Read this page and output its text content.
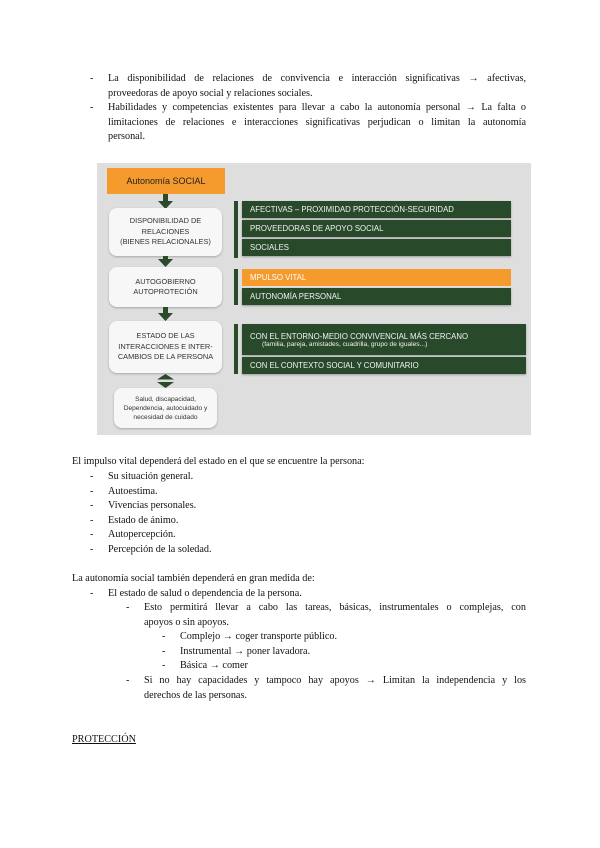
- La disponibilidad de relaciones de convivencia e interacción significativas → afectivas,
proveedoras de apoyo social y relaciones sociales.
- Habilidades y competencias existentes para llevar a cabo la autonomía personal → La falta o
limitaciones de relaciones e interacciones significativas perjudican o limitan la autonomía
personal.
Autonomía SOCIAL
DISPONIBILIDAD DE
RELACIONES
(BIENES RELACIONALES)
AUTOGOBIERNO
AUTOPROTECIÓN
ESTADO DE LAS
INTERACCIONES E INTER-
CAMBIOS DE LA PERSONA
Salud, discapacidad,
Dependencia, autocuidado y
necesidad de cuidado
AFECTIVAS – PROXIMIDAD PROTECCIÓN-SEGURIDAD
PROVEEDORAS DE APOYO SOCIAL
SOCIALES
MPULSO VITAL
AUTONOMÍA PERSONAL
CON EL ENTORNO-MEDIO CONVIVENCIAL MÁS CERCANO
(familia, pareja, amistades, cuadrilla, grupo de iguales...)
CON EL CONTEXTO SOCIAL Y COMUNITARIO
El impulso vital dependerá del estado en el que se encuentre la persona:
- Su situación general.
- Autoestima.
- Vivencias personales.
- Estado de ánimo.
- Autopercepción.
- Percepción de la soledad.
La autonomía social también dependerá en gran medida de:
- El estado de salud o dependencia de la persona.
- Esto permitirá llevar a cabo las tareas, básicas, instrumentales o complejas, con
apoyos o sin apoyos.
- Complejo → coger transporte público.
- Instrumental → poner lavadora.
- Básica → comer
- Si no hay capacidades y tampoco hay apoyos → Limitan la independencia y los
derechos de las personas.
PROTECCIÓN
